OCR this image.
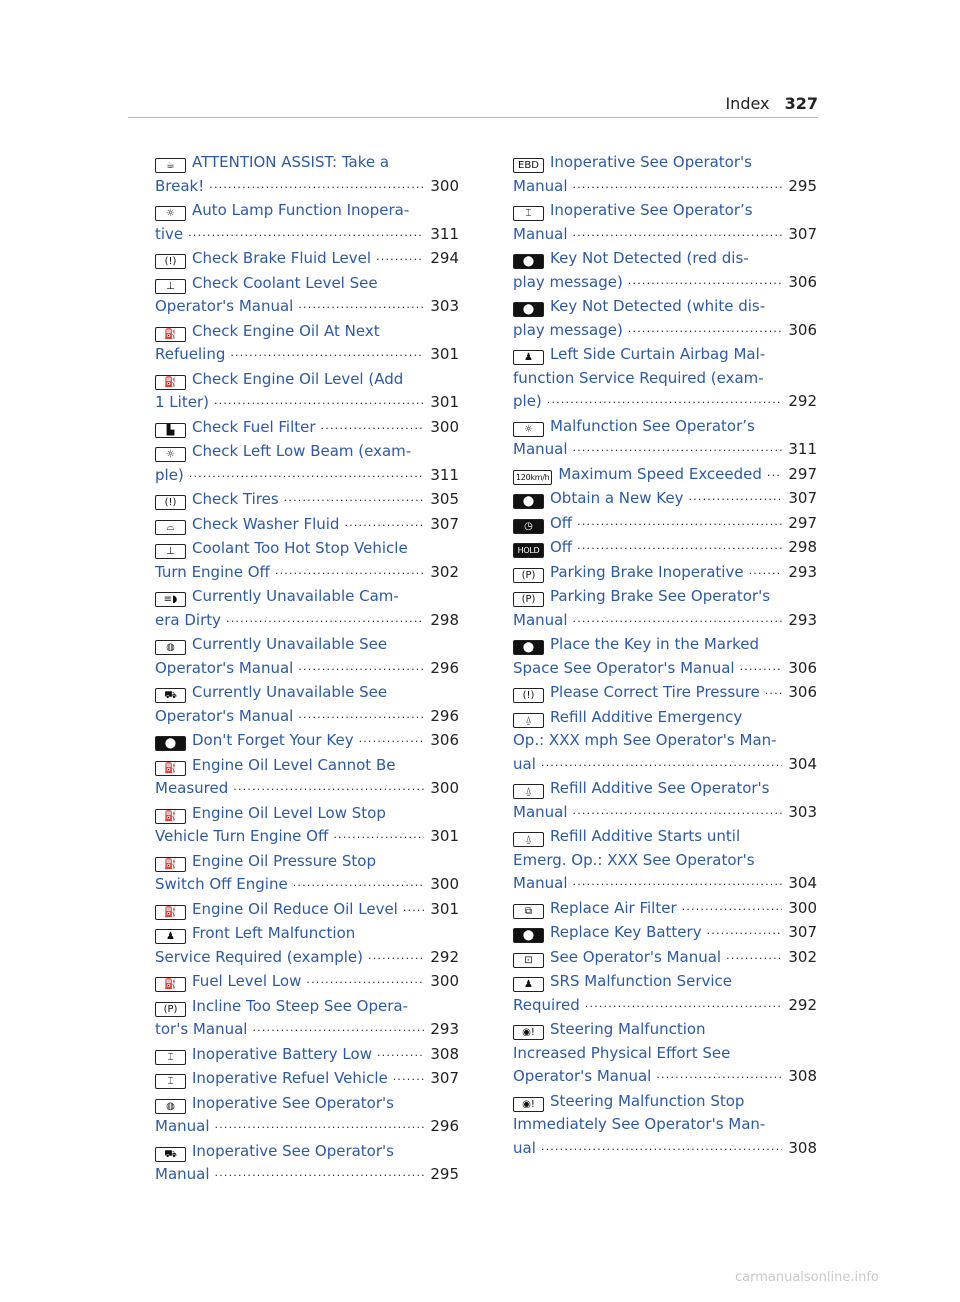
Index 327
☕	ATTENTION ASSIST: Take a
Break! .....	300
☼	Auto Lamp Function Inopera-
tive .....	311
(!)	Check Brake Fluid Level .....	294
⊥	Check Coolant Level See
Operator's Manual .....	303
⛽	Check Engine Oil At Next
Refueling .....	301
⛽	Check Engine Oil Level (Add
1 Liter) .....	301
▙	Check Fuel Filter .....	300
☼	Check Left Low Beam (exam-
ple) .....	311
(!)	Check Tires .....	305
⌓	Check Washer Fluid .....	307
⊥	Coolant Too Hot Stop Vehicle
Turn Engine Off .....	302
≡◗ Currently Unavailable Cam-
era Dirty .....	298
◍	Currently Unavailable See
Operator's Manual .....	296
⛟	Currently Unavailable See
Operator's Manual .....	296
⬤	Don't Forget Your Key .....	306
⛽	Engine Oil Level Cannot Be
Measured .....	300
⛽	Engine Oil Level Low Stop
Vehicle Turn Engine Off .....	301
⛽	Engine Oil Pressure Stop
Switch Off Engine .....	300
⛽	Engine Oil Reduce Oil Level ..... 301
♟	Front Left Malfunction
Service Required (example) .....	292
⛽	Fuel Level Low .....	300
(P) Incline Too Steep See Opera-
tor's Manual .....	293
⌶	Inoperative Battery Low .....	308
⌶	Inoperative Refuel Vehicle .....	307
◍	Inoperative See Operator's
Manual .....	296
⛟	Inoperative See Operator's
Manual .....	295
EBD Inoperative See Operator's
Manual .....	295
⌶	Inoperative See Operator’s
Manual .....	307
⬤	Key Not Detected (red dis-
play message) .....	306
⬤	Key Not Detected (white dis-
play message) .....	306
♟	Left Side Curtain Airbag Mal-
function Service Required (exam-
ple) .....	292
☼	Malfunction See Operator’s
Manual .....	311
120km/h Maximum Speed Exceeded ..... 297
⬤	Obtain a New Key .....	307
◷	Off .....	297
HOLD Off .....	298
(P) Parking Brake Inoperative .....	293
(P) Parking Brake See Operator's
Manual .....	293
⬤	Place the Key in the Marked
Space See Operator's Manual .....	306
(!)	Please Correct Tire Pressure ..... 306
⍙	Refill Additive Emergency
Op.: XXX mph See Operator's Man-
ual .....	304
⍙	Refill Additive See Operator's
Manual .....	303
⍙	Refill Additive Starts until
Emerg. Op.: XXX See Operator's
Manual .....	304
⧉	Replace Air Filter .....	300
⬤	Replace Key Battery .....	307
⊡	See Operator's Manual .....	302
♟	SRS Malfunction Service
Required .....	292
◉!	Steering Malfunction
Increased Physical Effort See
Operator's Manual .....	308
◉!	Steering Malfunction Stop
Immediately See Operator's Man-
ual .....	308
carmanualsonline.info
